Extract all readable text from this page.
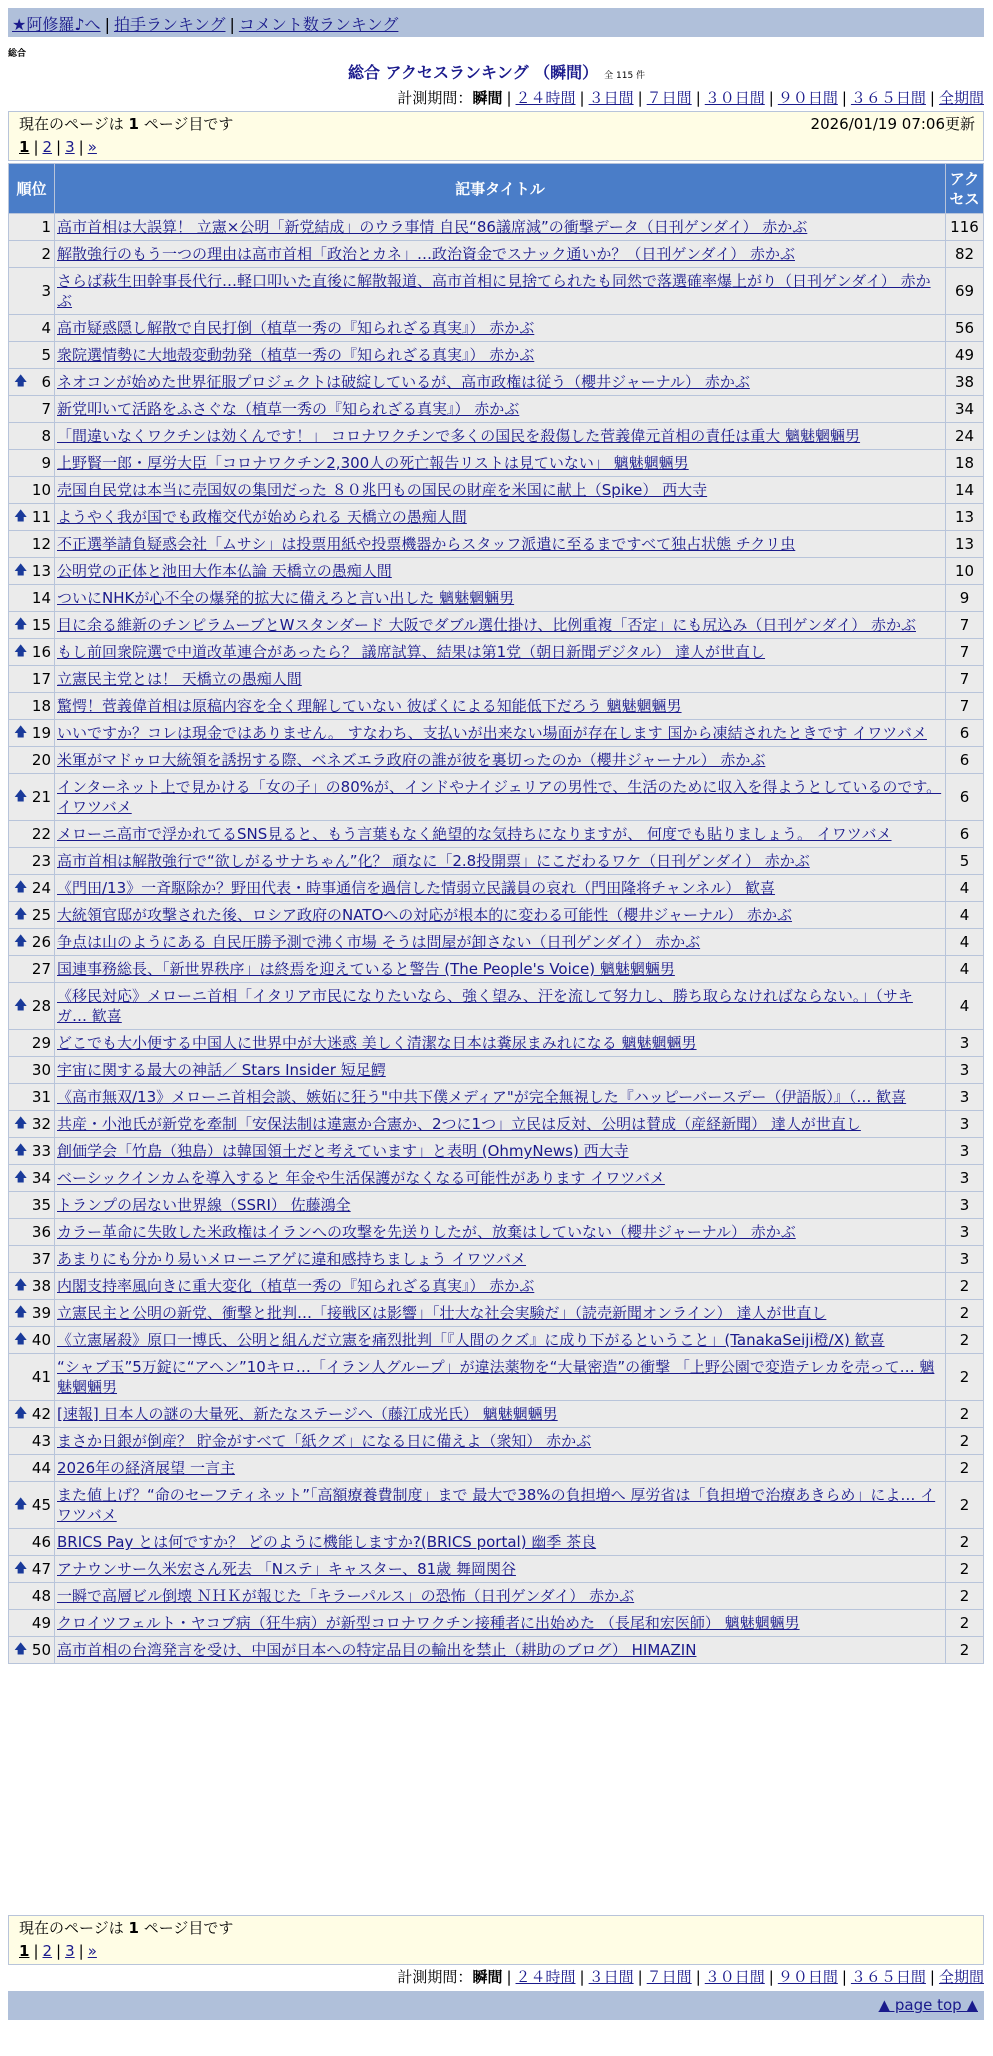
★阿修羅♪へ | 拍手ランキング | コメント数ランキング
総合
総合 アクセスランキング （瞬間） 全 115 件
計測期間：瞬間 | ２４時間 | ３日間 | ７日間 | ３０日間 | ９０日間 | ３６５日間 | 全期間
現在のページは 1 ページ目です	2026/01/19 07:06更新
1 | 2 | 3 | »
順位	記事タイトル	アクセス
1	高市首相は大誤算！ 立憲×公明「新党結成」のウラ事情 自民“86議席減”の衝撃データ（日刊ゲンダイ） 赤かぶ	116
2	解散強行のもう一つの理由は高市首相「政治とカネ」…政治資金でスナック通いか？（日刊ゲンダイ） 赤かぶ	82
3	さらば萩生田幹事長代行…軽口叩いた直後に解散報道、高市首相に見捨てられたも同然で落選確率爆上がり（日刊ゲンダイ） 赤かぶ	69
4	高市疑惑隠し解散で自民打倒（植草一秀の『知られざる真実』） 赤かぶ	56
5	衆院選情勢に大地殻変動勃発（植草一秀の『知られざる真実』） 赤かぶ	49

🡅 6	ネオコンが始めた世界征服プロジェクトは破綻しているが、高市政権は従う（櫻井ジャーナル） 赤かぶ	38
7	新党叩いて活路をふさぐな（植草一秀の『知られざる真実』） 赤かぶ	34
8	「間違いなくワクチンは効くんです！」 コロナワクチンで多くの国民を殺傷した菅義偉元首相の責任は重大 魑魅魍魎男	24
9	上野賢一郎・厚労大臣「コロナワクチン2,300人の死亡報告リストは見ていない」 魑魅魍魎男	18
10	売国自民党は本当に売国奴の集団だった ８０兆円もの国民の財産を米国に献上（Spike） 西大寺	14

🡅 11	ようやく我が国でも政権交代が始められる 天橋立の愚痴人間	13
12	不正選挙請負疑惑会社「ムサシ」は投票用紙や投票機器からスタッフ派遣に至るまですべて独占状態 チクリ虫	13

🡅 13	公明党の正体と池田大作本仏論 天橋立の愚痴人間	10
14	ついにNHKが心不全の爆発的拡大に備えろと言い出した 魑魅魍魎男	9

🡅 15	目に余る維新のチンピラムーブとWスタンダード 大阪でダブル選仕掛け、比例重複「否定」にも尻込み（日刊ゲンダイ） 赤かぶ	7

🡅 16	もし前回衆院選で中道改革連合があったら？ 議席試算、結果は第1党（朝日新聞デジタル） 達人が世直し	7
17	立憲民主党とは！ 天橋立の愚痴人間	7
18	驚愕！菅義偉首相は原稿内容を全く理解していない 彼ばくによる知能低下だろう 魑魅魍魎男	7

🡅 19	いいですか？コレは現金ではありません。 すなわち、支払いが出来ない場面が存在します 国から凍結されたときです イワツバメ	6
20	米軍がマドゥロ大統領を誘拐する際、ベネズエラ政府の誰が彼を裏切ったのか（櫻井ジャーナル） 赤かぶ	6

🡅 21	インターネット上で見かける「女の子」の80%が、インドやナイジェリアの男性で、生活のために収入を得ようとしているのです。 イワツバメ	6
22	メローニ高市で浮かれてるSNS見ると、もう言葉もなく絶望的な気持ちになりますが、 何度でも貼りましょう。 イワツバメ	6
23	高市首相は解散強行で“欲しがるサナちゃん”化？ 頑なに「2.8投開票」にこだわるワケ（日刊ゲンダイ） 赤かぶ	5

🡅 24	《門田/13》一斉駆除か？野田代表・時事通信を過信した情弱立民議員の哀れ（門田隆将チャンネル） 歓喜	4

🡅 25	大統領官邸が攻撃された後、ロシア政府のNATOへの対応が根本的に変わる可能性（櫻井ジャーナル） 赤かぶ	4

🡅 26	争点は山のようにある 自民圧勝予測で沸く市場 そうは問屋が卸さない（日刊ゲンダイ） 赤かぶ	4
27	国連事務総長、「新世界秩序」は終焉を迎えていると警告 (The People's Voice) 魑魅魍魎男	4

🡅 28	《移民対応》メローニ首相「イタリア市民になりたいなら、強く望み、汗を流して努力し、勝ち取らなければならない。」（サキガ… 歓喜	4
29	どこでも大小便する中国人に世界中が大迷惑 美しく清潔な日本は糞尿まみれになる 魑魅魍魎男	3
30	宇宙に関する最大の神話／ Stars Insider 短足鰐	3
31	《高市無双/13》メローニ首相会談、嫉妬に狂う"中共下僕メディア"が完全無視した『ハッピーバースデー（伊語版）』（… 歓喜	3

🡅 32	共産・小池氏が新党を牽制「安保法制は違憲か合憲か、2つに1つ」立民は反対、公明は賛成（産経新聞） 達人が世直し	3

🡅 33	創価学会「竹島（独島）は韓国領土だと考えています」と表明 (OhmyNews) 西大寺	3

🡅 34	ベーシックインカムを導入すると 年金や生活保護がなくなる可能性があります イワツバメ	3
35	トランプの居ない世界線（SSRI） 佐藤鴻全	3
36	カラー革命に失敗した米政権はイランへの攻撃を先送りしたが、放棄はしていない（櫻井ジャーナル） 赤かぶ	3
37	あまりにも分かり易いメローニアゲに違和感持ちましょう イワツバメ	3

🡅 38	内閣支持率風向きに重大変化（植草一秀の『知られざる真実』） 赤かぶ	2

🡅 39	立憲民主と公明の新党、衝撃と批判…「接戦区は影響」「壮大な社会実験だ」（読売新聞オンライン） 達人が世直し	2

🡅 40	《立憲屠殺》原口一博氏、公明と組んだ立憲を痛烈批判「『人間のクズ』に成り下がるということ」(TanakaSeiji橙/X) 歓喜	2
41	“シャブ玉”5万錠に“アヘン”10キロ…「イラン人グループ」が違法薬物を“大量密造”の衝撃 「上野公園で変造テレカを売って… 魑魅魍魎男	2

🡅 42	[速報] 日本人の謎の大量死、新たなステージへ（藤江成光氏） 魑魅魍魎男	2
43	まさか日銀が倒産？ 貯金がすべて「紙クズ」になる日に備えよ（衆知） 赤かぶ	2
44	2026年の経済展望 一言主	2

🡅 45	また値上げ？“命のセーフティネット”「高額療養費制度」まで 最大で38%の負担増へ 厚労省は「負担増で治療あきらめ」によ… イワツバメ	2
46	BRICS Pay とは何ですか？ どのように機能しますか?(BRICS portal) 幽季 茶良	2

🡅 47	アナウンサー久米宏さん死去 「Nステ」キャスター、81歳 舞岡関谷	2
48	一瞬で高層ビル倒壊 ＮＨＫが報じた「キラーパルス」の恐怖（日刊ゲンダイ） 赤かぶ	2
49	クロイツフェルト・ヤコブ病（狂牛病）が新型コロナワクチン接種者に出始めた （長尾和宏医師） 魑魅魍魎男	2

🡅 50	高市首相の台湾発言を受け、中国が日本への特定品目の輸出を禁止（耕助のブログ） HIMAZIN	2
現在のページは 1 ページ目です
1 | 2 | 3 | »
計測期間：瞬間 | ２４時間 | ３日間 | ７日間 | ３０日間 | ９０日間 | ３６５日間 | 全期間
▲ page top ▲
